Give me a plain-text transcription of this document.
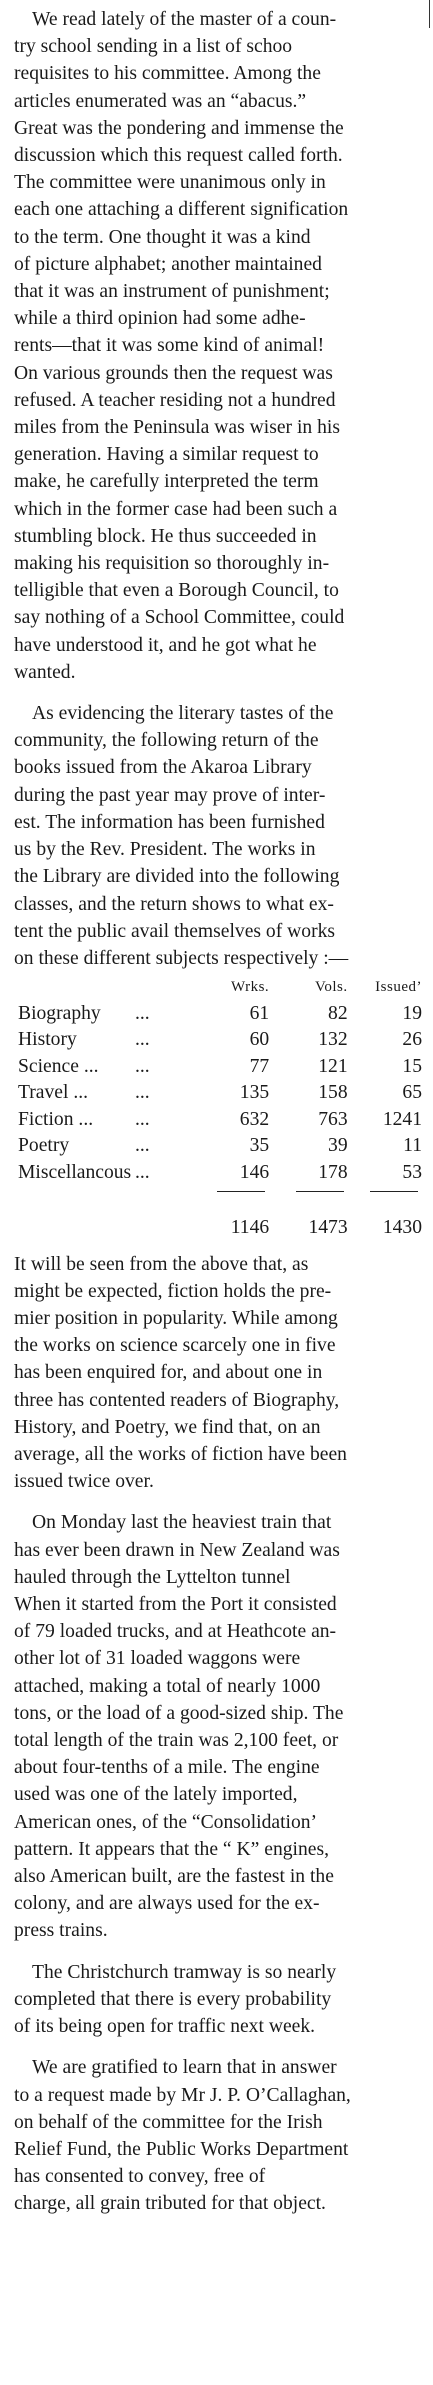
We read lately of the master of a coun-
try school sending in a list of schoo
requisites to his committee. Among the
articles enumerated was an “abacus.”
Great was the pondering and immense the
discussion which this request called forth.
The committee were unanimous only in
each one attaching a different signification
to the term. One thought it was a kind
of picture alphabet; another maintained
that it was an instrument of punishment;
while a third opinion had some adhe-
rents—that it was some kind of animal!
On various grounds then the request was
refused. A teacher residing not a hundred
miles from the Peninsula was wiser in his
generation. Having a similar request to
make, he carefully interpreted the term
which in the former case had been such a
stumbling block. He thus succeeded in
making his requisition so thoroughly in-
telligible that even a Borough Council, to
say nothing of a School Committee, could
have understood it, and he got what he
wanted.

As evidencing the literary tastes of the
community, the following return of the
books issued from the Akaroa Library
during the past year may prove of inter-
est. The information has been furnished
us by the Rev. President. The works in
the Library are divided into the following
classes, and the return shows to what ex-
tent the public avail themselves of works
on these different subjects respectively :—

		Wrks.	Vols.	Issued’
Biography	...	61	82	19
History	...	60	132	26
Science ...	...	77	121	15
Travel ...	...	135	158	65
Fiction ...	...	632	763	1241
Poetry	...	35	39	11
Miscellancous	...	146	178	53

		1146	1473	1430

It will be seen from the above that, as
might be expected, fiction holds the pre-
mier position in popularity. While among
the works on science scarcely one in five
has been enquired for, and about one in
three has contented readers of Biography,
History, and Poetry, we find that, on an
average, all the works of fiction have been
issued twice over.

On Monday last the heaviest train that
has ever been drawn in New Zealand was
hauled through the Lyttelton tunnel
When it started from the Port it consisted
of 79 loaded trucks, and at Heathcote an-
other lot of 31 loaded waggons were
attached, making a total of nearly 1000
tons, or the load of a good-sized ship. The
total length of the train was 2,100 feet, or
about four-tenths of a mile. The engine
used was one of the lately imported,
American ones, of the “Consolidation’
pattern. It appears that the “ K” engines,
also American built, are the fastest in the
colony, and are always used for the ex-
press trains.

The Christchurch tramway is so nearly
completed that there is every probability
of its being open for traffic next week.

We are gratified to learn that in answer
to a request made by Mr J. P. O’Callaghan,
on behalf of the committee for the Irish
Relief Fund, the Public Works Department
has consented to convey, free of
charge, all grain tributed for that object.
